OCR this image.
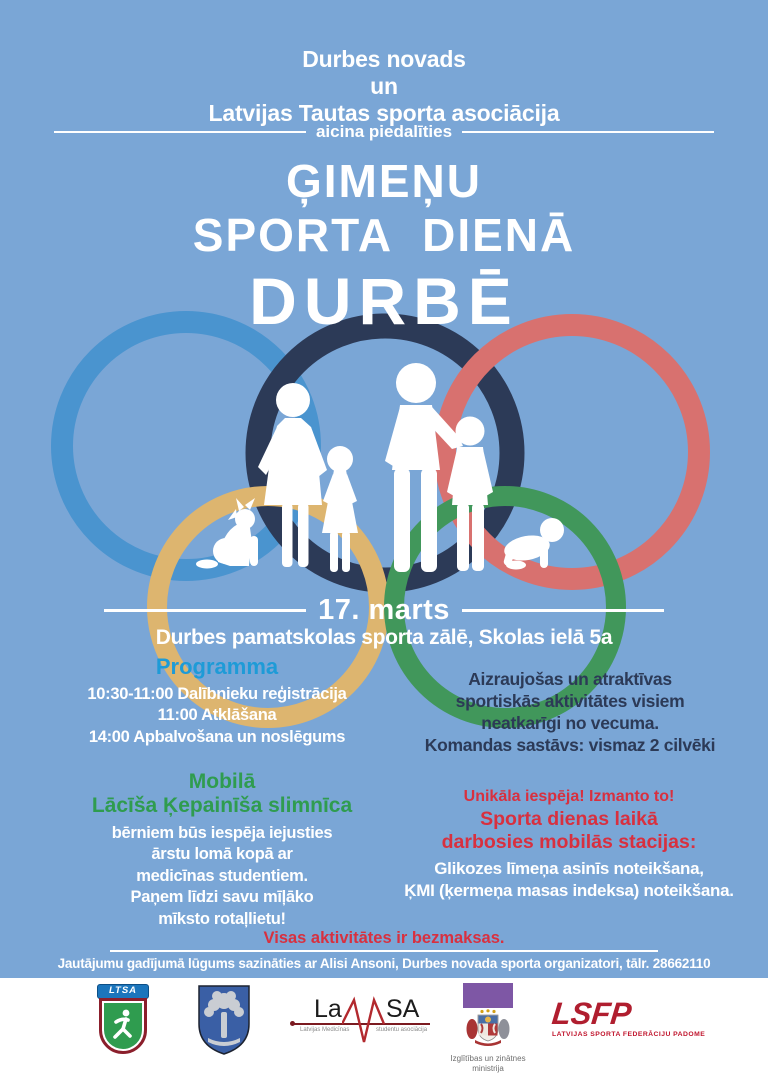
Durbes novads
un
Latvijas Tautas sporta asociācija
aicina piedalīties
ĢIMEŅU
SPORTA DIENĀ
DURBĒ
17. marts
Durbes pamatskolas sporta zālē, Skolas ielā 5a
Programma
10:30-11:00 Dalībnieku reģistrācija
11:00 Atklāšana
14:00 Apbalvošana un noslēgums
Aizraujošas un atraktīvas
sportiskās aktivitātes visiem
neatkarīgi no vecuma.
Komandas sastāvs: vismaz 2 cilvēki
Mobilā
Lācīša Ķepainīša slimnīca
bērniem būs iespēja iejusties
ārstu lomā kopā ar
medicīnas studentiem.
Paņem līdzi savu mīļāko
mīksto rotaļlietu!
Unikāla iespēja! Izmanto to!
Sporta dienas laikā
darbosies mobilās stacijas:
Glikozes līmeņa asinīs noteikšana,
ĶMI (ķermeņa masas indeksa) noteikšana.
Visas aktivitātes ir bezmaksas.
Jautājumu gadījumā lūgums sazināties ar Alisi Ansoni, Durbes novada sporta organizatori, tālr. 28662110
LTSA
La SA
Latvijas Medicīnas	studentu asociācija
Izglītības un zinātnes
ministrija
LSFP
LATVIJAS SPORTA FEDERĀCIJU PADOME
